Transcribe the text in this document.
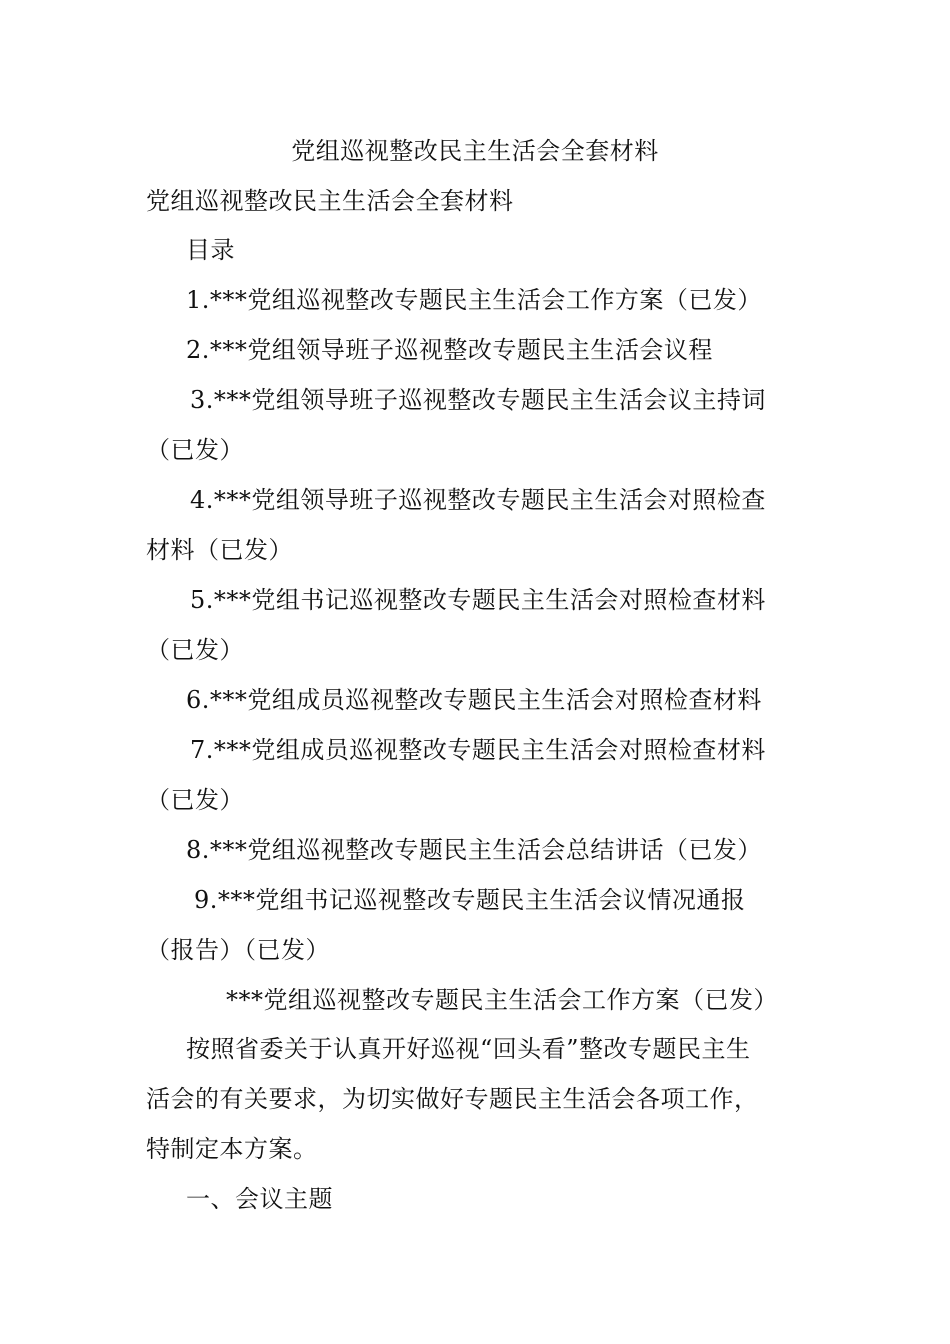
党组巡视整改民主生活会全套材料
党组巡视整改民主生活会全套材料
目录
1.***党组巡视整改专题民主生活会工作方案（已发）
2.***党组领导班子巡视整改专题民主生活会议程
3.***党组领导班子巡视整改专题民主生活会议主持词
（已发）
4.***党组领导班子巡视整改专题民主生活会对照检查
材料（已发）
5.***党组书记巡视整改专题民主生活会对照检查材料
（已发）
6.***党组成员巡视整改专题民主生活会对照检查材料
7.***党组成员巡视整改专题民主生活会对照检查材料
（已发）
8.***党组巡视整改专题民主生活会总结讲话（已发）
9.***党组书记巡视整改专题民主生活会议情况通报
（报告）（已发）
***党组巡视整改专题民主生活会工作方案（已发）
按照省委关于认真开好巡视“回头看”整改专题民主生
活会的有关要求，为切实做好专题民主生活会各项工作，
特制定本方案。
一、会议主题
